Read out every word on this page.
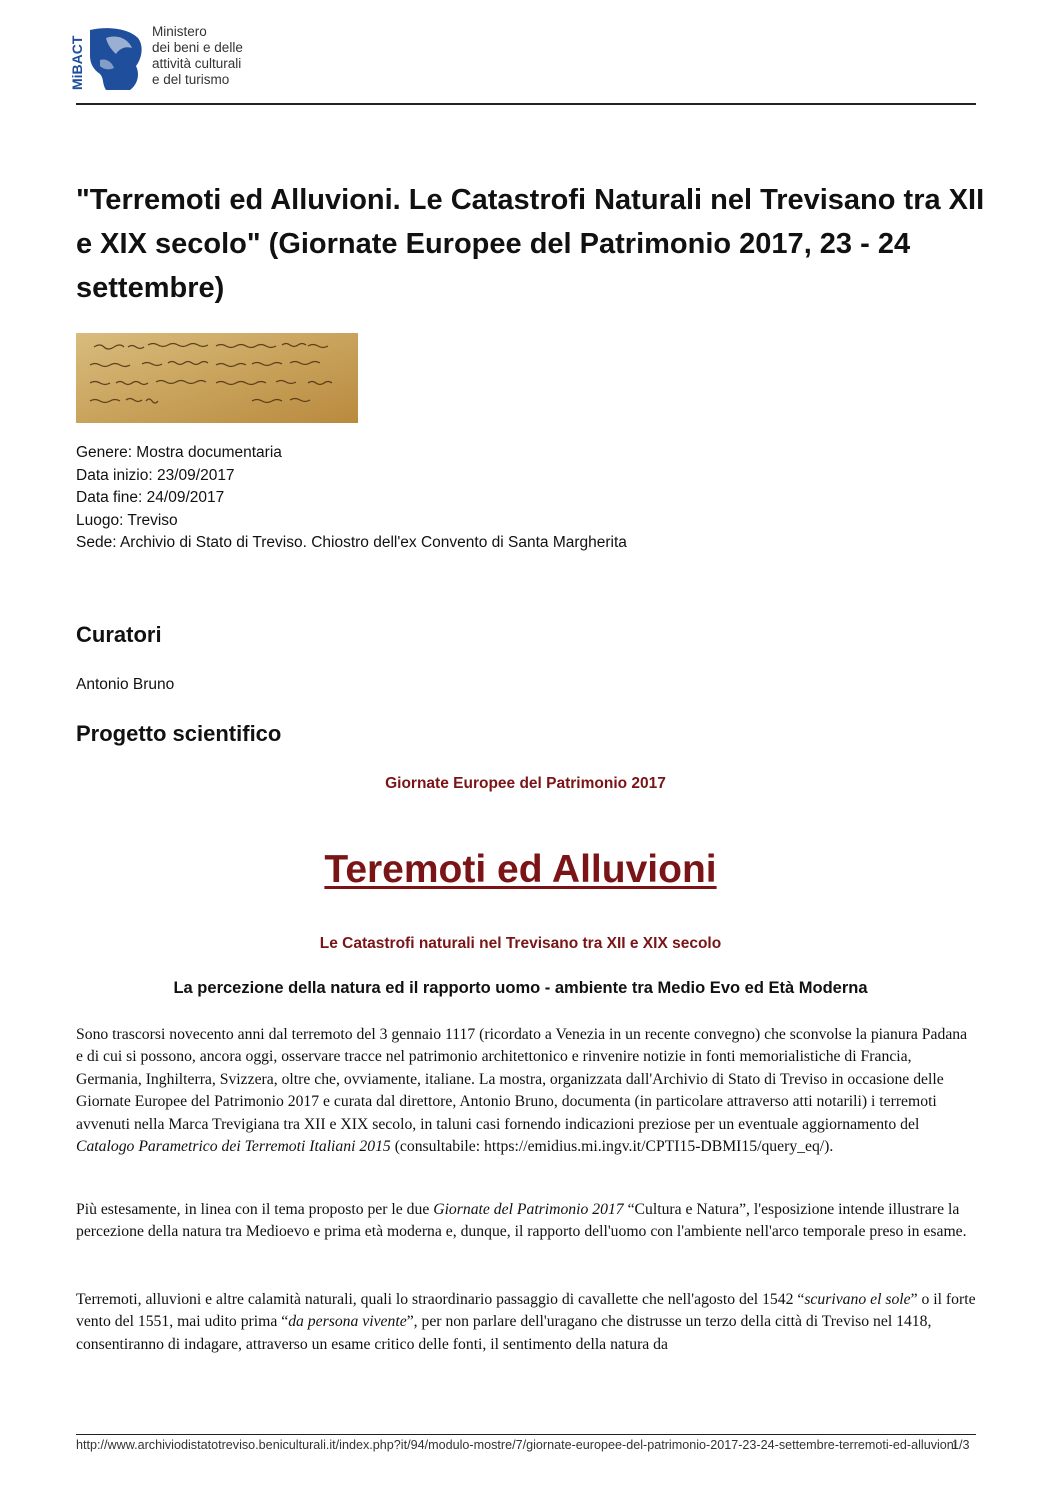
MiBACT
Ministero
dei beni e delle
attività culturali
e del turismo
"Terremoti ed Alluvioni. Le Catastrofi Naturali nel Trevisano tra XII e XIX secolo" (Giornate Europee del Patrimonio 2017, 23 - 24 settembre)
Genere: Mostra documentaria
Data inizio: 23/09/2017
Data fine: 24/09/2017
Luogo: Treviso
Sede: Archivio di Stato di Treviso. Chiostro dell'ex Convento di Santa Margherita
Curatori
Antonio Bruno
Progetto scientifico
Giornate Europee del Patrimonio 2017
Teremoti ed Alluvioni
Le Catastrofi naturali nel Trevisano tra XII e XIX secolo
La percezione della natura ed il rapporto uomo - ambiente tra Medio Evo ed Età Moderna
Sono trascorsi novecento anni dal terremoto del 3 gennaio 1117 (ricordato a Venezia in un recente convegno) che sconvolse la pianura Padana e di cui si possono, ancora oggi, osservare tracce nel patrimonio architettonico e rinvenire notizie in fonti memorialistiche di Francia, Germania, Inghilterra, Svizzera, oltre che, ovviamente, italiane. La mostra, organizzata dall'Archivio di Stato di Treviso in occasione delle Giornate Europee del Patrimonio 2017 e curata dal direttore, Antonio Bruno, documenta (in particolare attraverso atti notarili) i terremoti avvenuti nella Marca Trevigiana tra XII e XIX secolo, in taluni casi fornendo indicazioni preziose per un eventuale aggiornamento del Catalogo Parametrico dei Terremoti Italiani 2015 (consultabile: https://emidius.mi.ingv.it/CPTI15-DBMI15/query_eq/).
Più estesamente, in linea con il tema proposto per le due Giornate del Patrimonio 2017 “Cultura e Natura”, l'esposizione intende illustrare la percezione della natura tra Medioevo e prima età moderna e, dunque, il rapporto dell'uomo con l'ambiente nell'arco temporale preso in esame.
Terremoti, alluvioni e altre calamità naturali, quali lo straordinario passaggio di cavallette che nell'agosto del 1542 “scurivano el sole” o il forte vento del 1551, mai udito prima “da persona vivente”, per non parlare dell'uragano che distrusse un terzo della città di Treviso nel 1418, consentiranno di indagare, attraverso un esame critico delle fonti, il sentimento della natura da
http://www.archiviodistatotreviso.beniculturali.it/index.php?it/94/modulo-mostre/7/giornate-europee-del-patrimonio-2017-23-24-settembre-terremoti-ed-alluvioni
1/3
